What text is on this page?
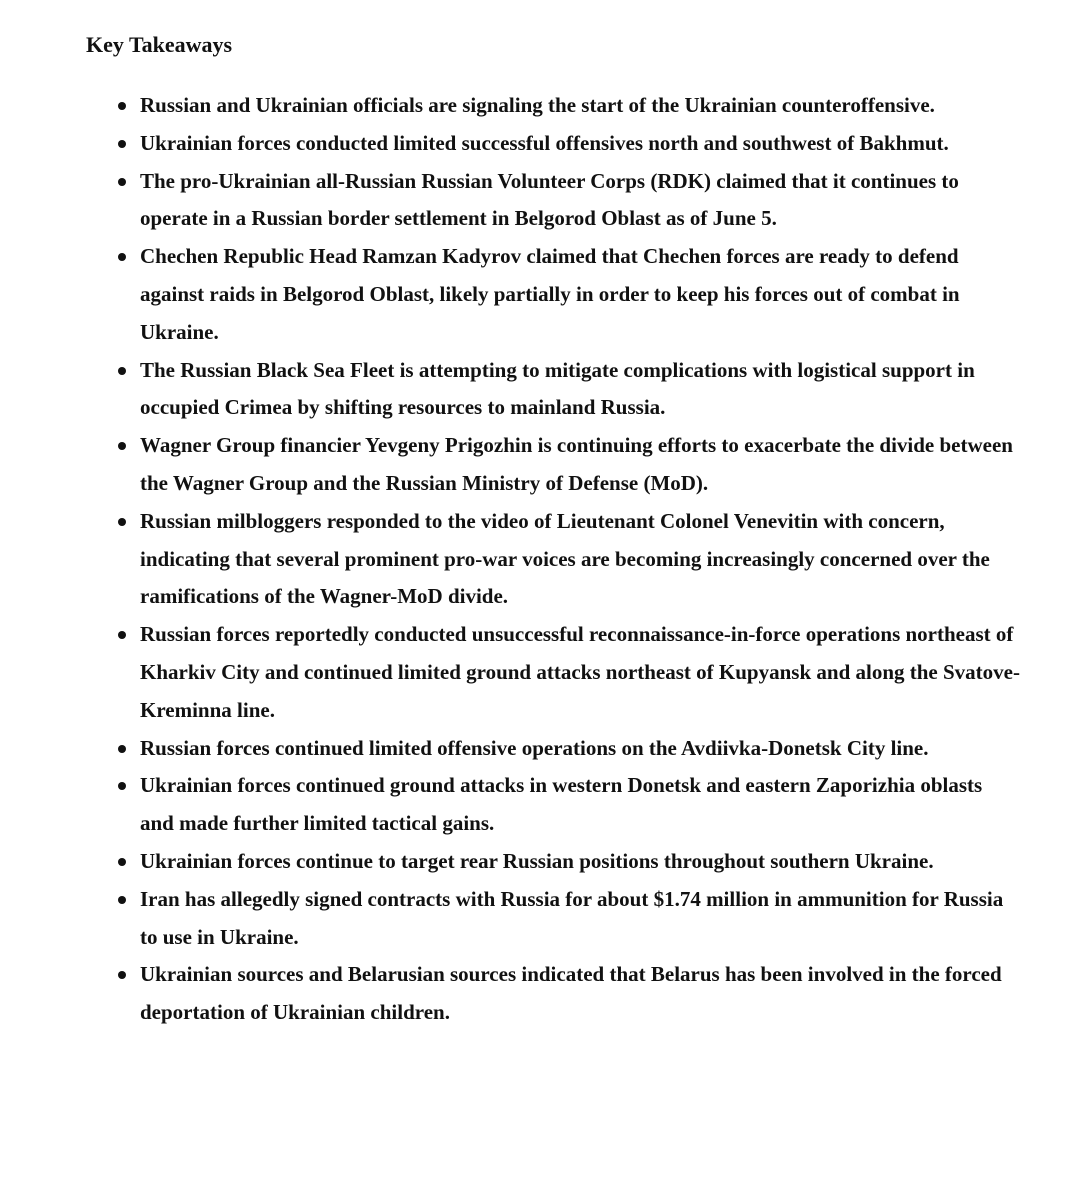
Key Takeaways
Russian and Ukrainian officials are signaling the start of the Ukrainian counteroffensive.
Ukrainian forces conducted limited successful offensives north and southwest of Bakhmut.
The pro-Ukrainian all-Russian Russian Volunteer Corps (RDK) claimed that it continues to operate in a Russian border settlement in Belgorod Oblast as of June 5.
Chechen Republic Head Ramzan Kadyrov claimed that Chechen forces are ready to defend against raids in Belgorod Oblast, likely partially in order to keep his forces out of combat in Ukraine.
The Russian Black Sea Fleet is attempting to mitigate complications with logistical support in occupied Crimea by shifting resources to mainland Russia.
Wagner Group financier Yevgeny Prigozhin is continuing efforts to exacerbate the divide between the Wagner Group and the Russian Ministry of Defense (MoD).
Russian milbloggers responded to the video of Lieutenant Colonel Venevitin with concern, indicating that several prominent pro-war voices are becoming increasingly concerned over the ramifications of the Wagner-MoD divide.
Russian forces reportedly conducted unsuccessful reconnaissance-in-force operations northeast of Kharkiv City and continued limited ground attacks northeast of Kupyansk and along the Svatove-Kreminna line.
Russian forces continued limited offensive operations on the Avdiivka-Donetsk City line.
Ukrainian forces continued ground attacks in western Donetsk and eastern Zaporizhia oblasts and made further limited tactical gains.
Ukrainian forces continue to target rear Russian positions throughout southern Ukraine.
Iran has allegedly signed contracts with Russia for about $1.74 million in ammunition for Russia to use in Ukraine.
Ukrainian sources and Belarusian sources indicated that Belarus has been involved in the forced deportation of Ukrainian children.
